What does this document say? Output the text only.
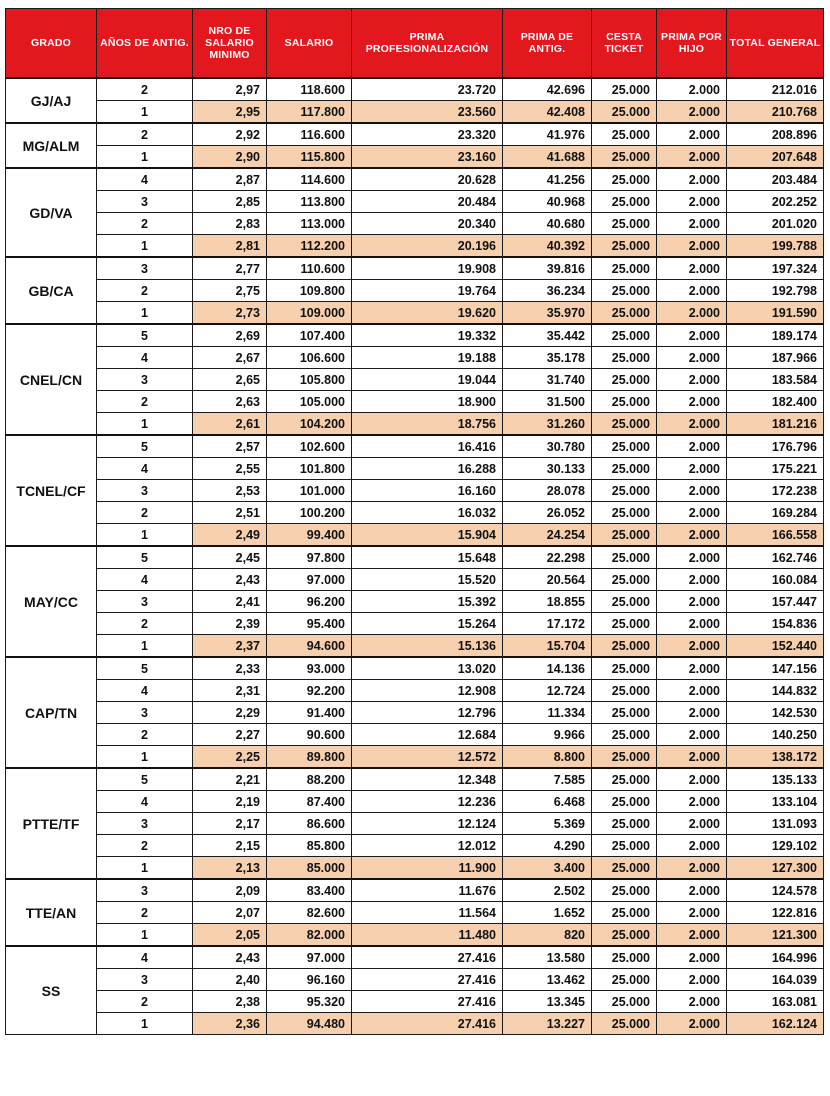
GRADO	AÑOS DE ANTIG.	NRO DE SALARIO MINIMO	SALARIO	PRIMA PROFESIONALIZACIÓN	PRIMA DE ANTIG.	CESTA TICKET	PRIMA POR HIJO	TOTAL GENERAL
GJ/AJ	2	2,97	118.600	23.720	42.696	25.000	2.000	212.016
	1	2,95	117.800	23.560	42.408	25.000	2.000	210.768
MG/ALM	2	2,92	116.600	23.320	41.976	25.000	2.000	208.896
	1	2,90	115.800	23.160	41.688	25.000	2.000	207.648
GD/VA	4	2,87	114.600	20.628	41.256	25.000	2.000	203.484
	3	2,85	113.800	20.484	40.968	25.000	2.000	202.252
	2	2,83	113.000	20.340	40.680	25.000	2.000	201.020
	1	2,81	112.200	20.196	40.392	25.000	2.000	199.788
GB/CA	3	2,77	110.600	19.908	39.816	25.000	2.000	197.324
	2	2,75	109.800	19.764	36.234	25.000	2.000	192.798
	1	2,73	109.000	19.620	35.970	25.000	2.000	191.590
CNEL/CN	5	2,69	107.400	19.332	35.442	25.000	2.000	189.174
	4	2,67	106.600	19.188	35.178	25.000	2.000	187.966
	3	2,65	105.800	19.044	31.740	25.000	2.000	183.584
	2	2,63	105.000	18.900	31.500	25.000	2.000	182.400
	1	2,61	104.200	18.756	31.260	25.000	2.000	181.216
TCNEL/CF	5	2,57	102.600	16.416	30.780	25.000	2.000	176.796
	4	2,55	101.800	16.288	30.133	25.000	2.000	175.221
	3	2,53	101.000	16.160	28.078	25.000	2.000	172.238
	2	2,51	100.200	16.032	26.052	25.000	2.000	169.284
	1	2,49	99.400	15.904	24.254	25.000	2.000	166.558
MAY/CC	5	2,45	97.800	15.648	22.298	25.000	2.000	162.746
	4	2,43	97.000	15.520	20.564	25.000	2.000	160.084
	3	2,41	96.200	15.392	18.855	25.000	2.000	157.447
	2	2,39	95.400	15.264	17.172	25.000	2.000	154.836
	1	2,37	94.600	15.136	15.704	25.000	2.000	152.440
CAP/TN	5	2,33	93.000	13.020	14.136	25.000	2.000	147.156
	4	2,31	92.200	12.908	12.724	25.000	2.000	144.832
	3	2,29	91.400	12.796	11.334	25.000	2.000	142.530
	2	2,27	90.600	12.684	9.966	25.000	2.000	140.250
	1	2,25	89.800	12.572	8.800	25.000	2.000	138.172
PTTE/TF	5	2,21	88.200	12.348	7.585	25.000	2.000	135.133
	4	2,19	87.400	12.236	6.468	25.000	2.000	133.104
	3	2,17	86.600	12.124	5.369	25.000	2.000	131.093
	2	2,15	85.800	12.012	4.290	25.000	2.000	129.102
	1	2,13	85.000	11.900	3.400	25.000	2.000	127.300
TTE/AN	3	2,09	83.400	11.676	2.502	25.000	2.000	124.578
	2	2,07	82.600	11.564	1.652	25.000	2.000	122.816
	1	2,05	82.000	11.480	820	25.000	2.000	121.300
SS	4	2,43	97.000	27.416	13.580	25.000	2.000	164.996
	3	2,40	96.160	27.416	13.462	25.000	2.000	164.039
	2	2,38	95.320	27.416	13.345	25.000	2.000	163.081
	1	2,36	94.480	27.416	13.227	25.000	2.000	162.124
